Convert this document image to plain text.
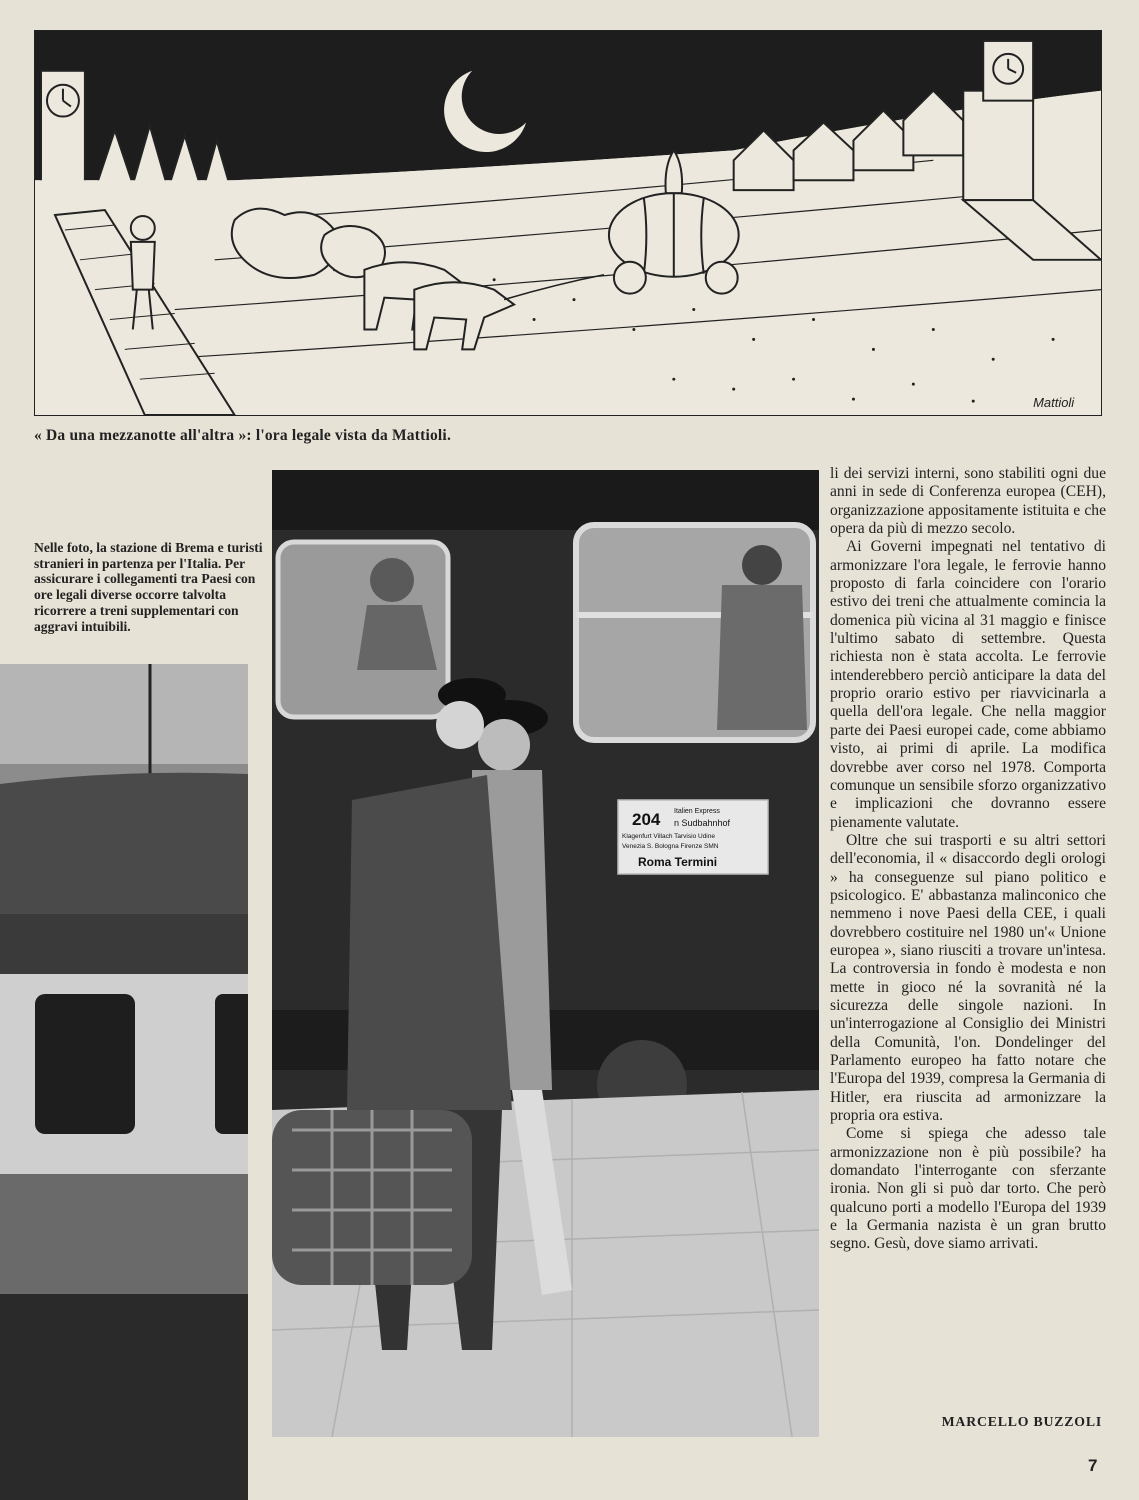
Mattioli
« Da una mezzanotte all'altra »: l'ora legale vista da Mattioli.
Nelle foto, la stazione di Brema e turisti stranieri in partenza per l'Italia. Per assicurare i collegamenti tra Paesi con ore legali diverse occorre talvolta ricorrere a treni supplementari con aggravi intuibili.
204 Italien Express
n Sudbahnhof
Klagenfurt Villach Tarvisio Udine
Venezia S. Bologna Firenze SMN
Roma Termini

li dei servizi interni, sono stabiliti ogni due anni in sede di Conferenza europea (CEH), organizzazione appositamente istituita e che opera da più di mezzo secolo.

Ai Governi impegnati nel tentativo di armonizzare l'ora legale, le ferrovie hanno proposto di farla coincidere con l'orario estivo dei treni che attualmente comincia la domenica più vicina al 31 maggio e finisce l'ultimo sabato di settembre. Questa richiesta non è stata accolta. Le ferrovie intenderebbero perciò anticipare la data del proprio orario estivo per riavvicinarla a quella dell'ora legale. Che nella maggior parte dei Paesi europei cade, come abbiamo visto, ai primi di aprile. La modifica dovrebbe aver corso nel 1978. Comporta comunque un sensibile sforzo organizzativo e implicazioni che dovranno essere pienamente valutate.

Oltre che sui trasporti e su altri settori dell'economia, il « disaccordo degli orologi » ha conseguenze sul piano politico e psicologico. E' abbastanza malinconico che nemmeno i nove Paesi della CEE, i quali dovrebbero costituire nel 1980 un'« Unione europea », siano riusciti a trovare un'intesa. La controversia in fondo è modesta e non mette in gioco né la sovranità né la sicurezza delle singole nazioni. In un'interrogazione al Consiglio dei Ministri della Comunità, l'on. Dondelinger del Parlamento europeo ha fatto notare che l'Europa del 1939, compresa la Germania di Hitler, era riuscita ad armonizzare la propria ora estiva.

Come si spiega che adesso tale armonizzazione non è più possibile? ha domandato l'interrogante con sferzante ironia. Non gli si può dar torto. Che però qualcuno porti a modello l'Europa del 1939 e la Germania nazista è un gran brutto segno. Gesù, dove siamo arrivati.

MARCELLO BUZZOLI
7
